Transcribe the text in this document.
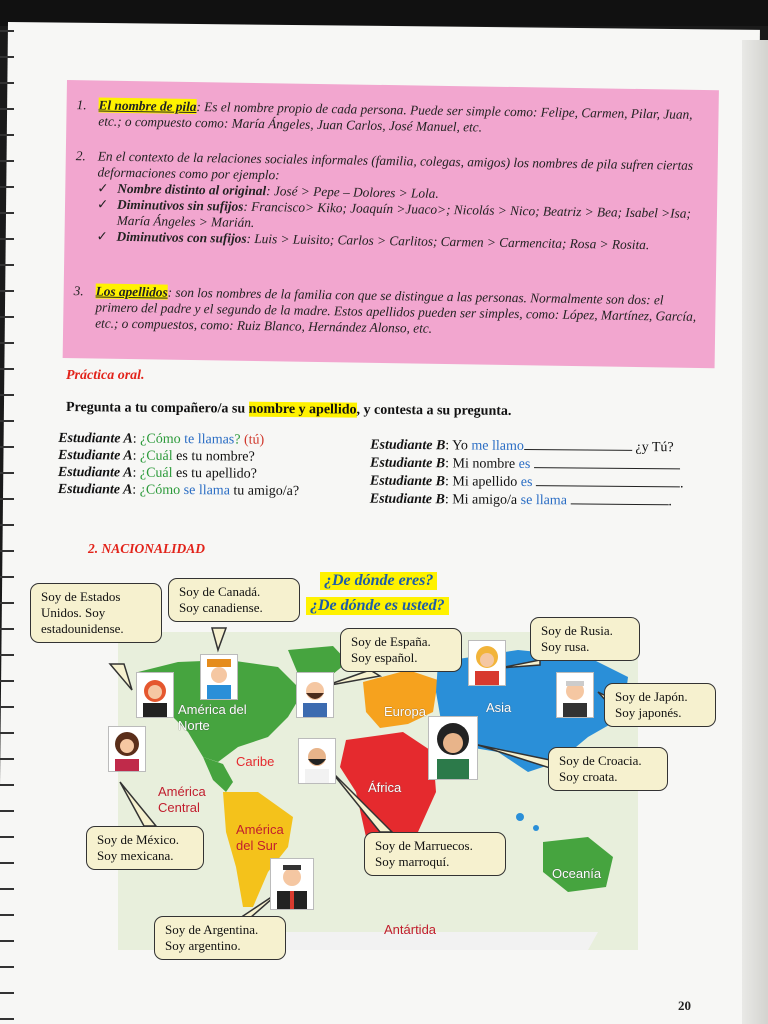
1. El nombre de pila: Es el nombre propio de cada persona. Puede ser simple como: Felipe, Carmen, Pilar, Juan, etc.; o compuesto como: María Ángeles, Juan Carlos, José Manuel, etc.
2. En el contexto de la relaciones sociales informales (familia, colegas, amigos) los nombres de pila sufren ciertas deformaciones como por ejemplo:
✓ Nombre distinto al original: José > Pepe – Dolores > Lola.
✓ Diminutivos sin sufijos: Francisco> Kiko; Joaquín >Juaco>; Nicolás > Nico; Beatriz > Bea; Isabel >Isa; María Ángeles > Marián.
✓ Diminutivos con sufijos: Luis > Luisito; Carlos > Carlitos; Carmen > Carmencita; Rosa > Rosita.
3. Los apellidos: son los nombres de la familia con que se distingue a las personas. Normalmente son dos: el primero del padre y el segundo de la madre. Estos apellidos pueden ser simples, como: López, Martínez, García, etc.; o compuestos, como: Ruiz Blanco, Hernández Alonso, etc.
Práctica oral.
Pregunta a tu compañero/a su nombre y apellido, y contesta a su pregunta.
Estudiante A: ¿Cómo te llamas? (tú)
Estudiante A: ¿Cuál es tu nombre?
Estudiante A: ¿Cuál es tu apellido?
Estudiante A: ¿Cómo se llama tu amigo/a?
Estudiante B: Yo me llamo	¿y Tú?
Estudiante B: Mi nombre es
Estudiante B: Mi apellido es	.
Estudiante B: Mi amigo/a se llama	.
2. NACIONALIDAD
América del Norte
Caribe
América Central
América del Sur
Europa	Asia
África
Oceanía
Antártida
¿De dónde eres?
¿De dónde es usted?
Soy de Estados Unidos. Soy estadounidense.
Soy de Canadá.
Soy canadiense.
Soy de España.
Soy español.
Soy de Rusia.
Soy rusa.
Soy de Japón.
Soy japonés.
Soy de Croacia.
Soy croata.
Soy de México.
Soy mexicana.
Soy de Marruecos.
Soy marroquí.
Soy de Argentina.
Soy argentino.
20
